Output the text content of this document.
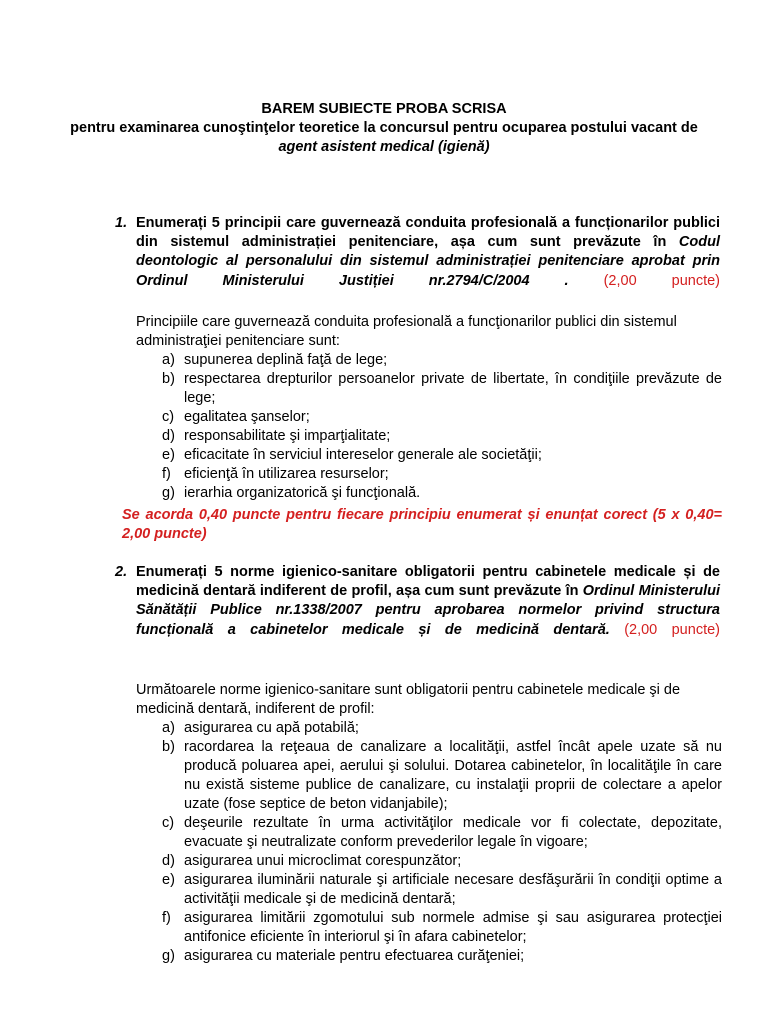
BAREM SUBIECTE PROBA SCRISA
pentru examinarea cunoştinţelor teoretice la concursul pentru ocuparea postului vacant de
agent asistent medical (igienă)
1. Enumerați 5 principii care guvernează conduita profesională a funcționarilor publici din sistemul administrației penitenciare, așa cum sunt prevăzute în Codul deontologic al personalului din sistemul administrației penitenciare aprobat prin Ordinul Ministerului Justiției nr.2794/C/2004 . (2,00 puncte)
Principiile care guvernează conduita profesională a funcţionarilor publici din sistemul administraţiei penitenciare sunt:
a) supunerea deplină faţă de lege;
b) respectarea drepturilor persoanelor private de libertate, în condiţiile prevăzute de lege;
c) egalitatea şanselor;
d) responsabilitate şi imparţialitate;
e) eficacitate în serviciul intereselor generale ale societăţii;
f) eficienţă în utilizarea resurselor;
g) ierarhia organizatorică şi funcţională.
Se acorda 0,40 puncte pentru fiecare principiu enumerat și enunțat corect (5 x 0,40= 2,00 puncte)
2. Enumerați 5 norme igienico-sanitare obligatorii pentru cabinetele medicale și de medicină dentară indiferent de profil, așa cum sunt prevăzute în Ordinul Ministerului Sănătății Publice nr.1338/2007 pentru aprobarea normelor privind structura funcțională a cabinetelor medicale și de medicină dentară. (2,00 puncte)
Următoarele norme igienico-sanitare sunt obligatorii pentru cabinetele medicale şi de medicină dentară, indiferent de profil:
a) asigurarea cu apă potabilă;
b) racordarea la reţeaua de canalizare a localităţii, astfel încât apele uzate să nu producă poluarea apei, aerului şi solului. Dotarea cabinetelor, în localităţile în care nu există sisteme publice de canalizare, cu instalaţii proprii de colectare a apelor uzate (fose septice de beton vidanjabile);
c) deşeurile rezultate în urma activităţilor medicale vor fi colectate, depozitate, evacuate şi neutralizate conform prevederilor legale în vigoare;
d) asigurarea unui microclimat corespunzător;
e) asigurarea iluminării naturale şi artificiale necesare desfăşurării în condiţii optime a activităţii medicale şi de medicină dentară;
f) asigurarea limitării zgomotului sub normele admise şi sau asigurarea protecţiei antifonice eficiente în interiorul şi în afara cabinetelor;
g) asigurarea cu materiale pentru efectuarea curăţeniei;
